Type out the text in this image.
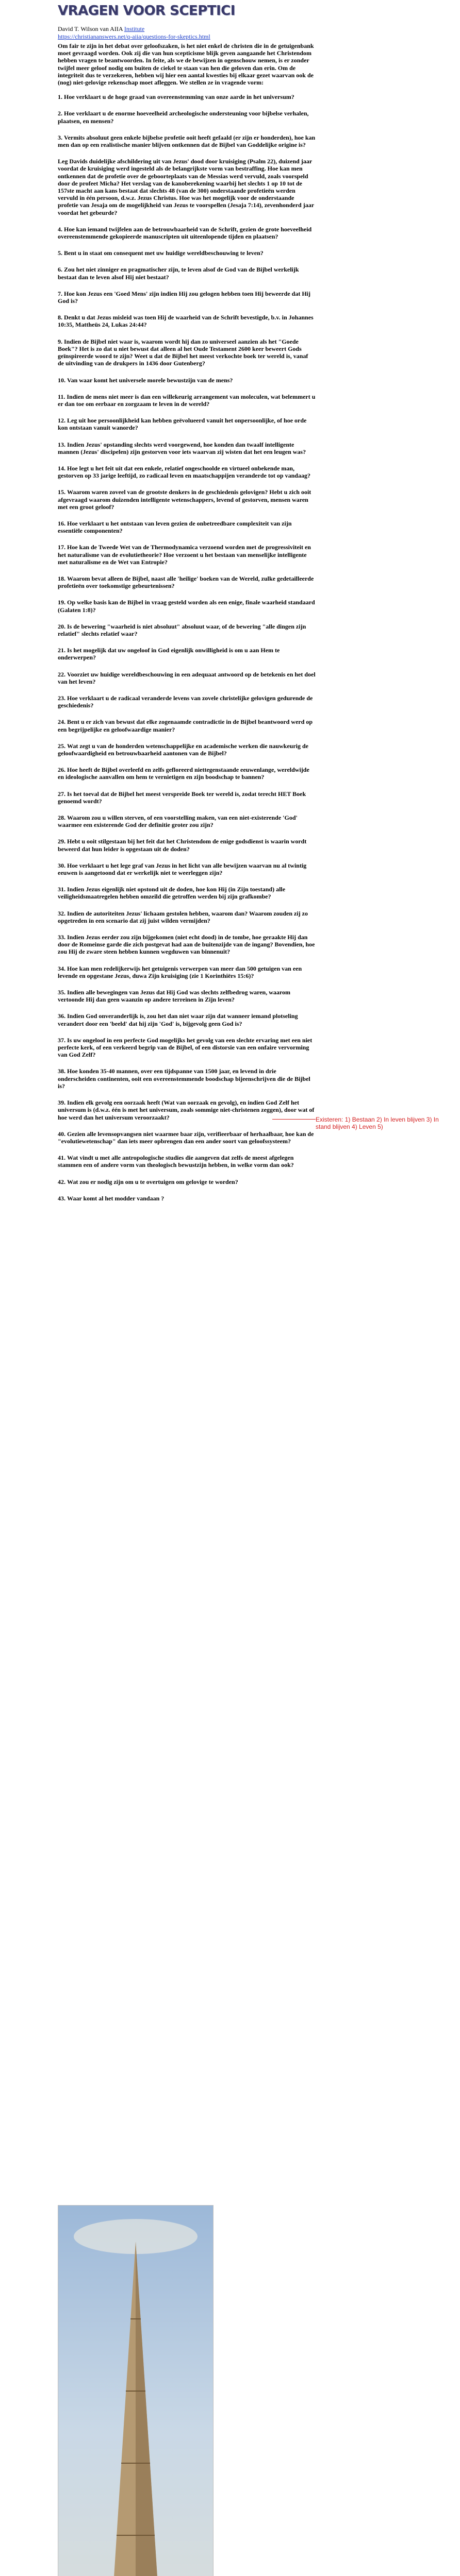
VRAGEN VOOR SCEPTICI
David T. Wilson van AIIA Institute
https://christiananswers.net/q-aiia/questions-for-skeptics.html

Om fair te zijn in het debat over geloofszaken, is het niet enkel de christen die in de getuigenbank moet gevraagd worden. Ook zij die van hun scepticisme blijk geven aangaande het Christendom hebben vragen te beantwoorden. In feite, als we de bewijzen in ogenschouw nemen, is er zonder twijfel meer geloof nodig om buiten de ciekel te staan van hen die geloven dan erin. Om de integriteit dus te verzekeren, hebben wij hier een aantal kwesties bij elkaar gezet waarvan ook de (nog) niet-gelovige rekenschap moet afleggen. We stellen ze in vragende vorm:

1. Hoe verklaart u de hoge graad van overeenstemming van onze aarde in het universum?

2. Hoe verklaart u de enorme hoeveelheid archeologische ondersteuning voor bijbelse verhalen, plaatsen, en mensen?

3. Vermits absoluut geen enkele bijbelse profetie ooit heeft gefaald (er zijn er honderden), hoe kan men dan op een realistische manier blijven ontkennen dat de Bijbel van Goddelijke origine is?

Leg Davids duidelijke afschildering uit van Jezus' dood door kruisiging (Psalm 22), duizend jaar voordat de kruisiging werd ingesteld als de belangrijkste vorm van bestraffing. Hoe kan men ontkennen dat de profetie over de geboorteplaats van de Messias werd vervuld, zoals voorspeld door de profeet Micha? Het verslag van de kanoberekening waarbij het slechts 1 op 10 tot de 157ste macht aan kans bestaat dat slechts 48 (van de 300) onderstaande profetieën werden vervuld in één persoon, d.w.z. Jezus Christus. Hoe was het mogelijk voor de onderstaande profetie van Jesaja om de mogelijkheid van Jezus te voorspellen (Jesaja 7:14), zevenhonderd jaar voordat het gebeurde?

4. Hoe kan iemand twijfelen aan de betrouwbaarheid van de Schrift, gezien de grote hoeveelheid overeenstemmende gekopieerde manuscripten uit uiteenlopende tijden en plaatsen?

5. Bent u in staat om consequent met uw huidige wereldbeschouwing te leven?

6. Zou het niet zinniger en pragmatischer zijn, te leven alsof de God van de Bijbel werkelijk bestaat dan te leven alsof Hij niet bestaat?

7. Hoe kon Jezus een 'Goed Mens' zijn indien Hij zou gelogen hebben toen Hij beweerde dat Hij God is?

8. Denkt u dat Jezus misleid was toen Hij de waarheid van de Schrift bevestigde, b.v. in Johannes 10:35, Mattheüs 24, Lukas 24:44?

9. Indien de Bijbel niet waar is, waarom wordt hij dan zo universeel aanzien als het "Goede Boek"? Het is zo dat u niet bewust dat alleen al het Oude Testament 2600 keer beweert Gods geïnspireerde woord te zijn? Weet u dat de Bijbel het meest verkochte boek ter wereld is, vanaf de uitvinding van de drukpers in 1436 door Gutenberg?

10. Van waar komt het universele morele bewustzijn van de mens?

11. Indien de mens niet meer is dan een willekeurig arrangement van moleculen, wat belemmert u er dan toe om eerbaar en zorgzaam te leven in de wereld?

12. Leg uit hoe persoonlijkheid kan hebben geëvolueerd vanuit het onpersoonlijke, of hoe orde kon ontstaan vanuit wanorde?

13. Indien Jezus' opstanding slechts werd voorgewend, hoe konden dan twaalf intelligente mannen (Jezus' discipelen) zijn gestorven voor iets waarvan zij wisten dat het een leugen was?

14. Hoe legt u het feit uit dat een enkele, relatief ongeschoolde en virtueel onbekende man, gestorven op 33 jarige leeftijd, zo radicaal leven en maatschappijen veranderde tot op vandaag?

15. Waarom waren zoveel van de grootste denkers in de geschiedenis gelovigen? Hebt u zich ooit afgevraagd waarom duizenden intelligente wetenschappers, levend of gestorven, mensen waren met een groot geloof?

16. Hoe verklaart u het ontstaan van leven gezien de onbetreedbare complexiteit van zijn essentiële componenten?

17. Hoe kan de Tweede Wet van de Thermodynamica verzoend worden met de progressiviteit en het naturalisme van de evolutietheorie? Hoe verzoent u het bestaan van menselijke intelligente met naturalisme en de Wet van Entropie?

18. Waarom bevat alleen de Bijbel, naast alle 'heilige' boeken van de Wereld, zulke gedetailleerde profetieën over toekomstige gebeurtenissen?

19. Op welke basis kan de Bijbel in vraag gesteld worden als een enige, finale waarheid standaard (Galaten 1:8)?

20. Is de bewering "waarheid is niet absoluut" absoluut waar, of de bewering "alle dingen zijn relatief" slechts relatief waar?

21. Is het mogelijk dat uw ongeloof in God eigenlijk onwilligheid is om u aan Hem te onderwerpen?

22. Voorziet uw huidige wereldbeschouwing in een adequaat antwoord op de betekenis en het doel van het leven?

23. Hoe verklaart u de radicaal veranderde levens van zovele christelijke gelovigen gedurende de geschiedenis?

24. Bent u er zich van bewust dat elke zogenaamde contradictie in de Bijbel beantwoord werd op een begrijpelijke en geloofwaardige manier?

25. Wat zegt u van de honderden wetenschappelijke en academische werken die nauwkeurig de geloofwaardigheid en betrouwbaarheid aantonen van de Bijbel?

26. Hoe heeft de Bijbel overleefd en zelfs gefloreerd niettegenstaande eeuwenlange, wereldwijde en ideologische aanvallen om hem te vernietigen en zijn boodschap te bannen?

27. Is het toeval dat de Bijbel het meest verspreide Boek ter wereld is, zodat terecht HET Boek genoemd wordt?

28. Waarom zou u willen sterven, of een voorstelling maken, van een niet-existerende 'God' waarmee een existerende God der definitie groter zou zijn?

29. Hebt u ooit stilgestaan bij het feit dat het Christendom de enige godsdienst is waarin wordt beweerd dat hun leider is opgestaan uit de doden?

30. Hoe verklaart u het lege graf van Jezus in het licht van alle bewijzen waarvan nu al twintig eeuwen is aangetoond dat er werkelijk niet te weerleggen zijn?

31. Indien Jezus eigenlijk niet opstond uit de doden, hoe kon Hij (in Zijn toestand) alle veiligheidsmaatregelen hebben omzeild die getroffen werden bij zijn grafkombe?

32. Indien de autoriteiten Jezus' lichaam gestolen hebben, waarom dan? Waarom zouden zij zo opgetreden in een scenario dat zij juist wilden vermijden?

33. Indien Jezus eerder zou zijn bijgekomen (niet echt dood) in de tombe, hoe geraakte Hij dan door de Romeinse garde die zich postgevat had aan de buitenzijde van de ingang? Bovendien, hoe zou Hij de zware steen hebben kunnen wegduwen van binnenuit?

34. Hoe kan men redelijkerwijs het getuigenis verwerpen van meer dan 500 getuigen van een levende en opgestane Jezus, duwa Zijn kruisiging (zie 1 Korinthiërs 15:6)?

35. Indien alle bewegingen van Jezus dat Hij God was slechts zelfbedrog waren, waarom vertoonde Hij dan geen waanzin op andere terreinen in Zijn leven?

36. Indien God onveranderlijk is, zou het dan niet waar zijn dat wanneer iemand plotseling verandert door een 'beeld' dat hij zijn 'God' is, bijgevolg geen God is?

37. Is uw ongeloof in een perfecte God mogelijks het gevolg van een slechte ervaring met een niet perfecte kerk, of een verkeerd begrip van de Bijbel, of een distorsie van een onfaire vervorming van God Zelf?

38. Hoe konden 35-40 mannen, over een tijdspanne van 1500 jaar, en levend in drie onderscheiden continenten, ooit een overeenstemmende boodschap bijeenschrijven die de Bijbel is?

39. Indien elk gevolg een oorzaak heeft (Wat van oorzaak en gevolg), en indien God Zelf het universum is (d.w.z. één is met het universum, zoals sommige niet-christenen zeggen), door wat of hoe werd dan het universum veroorzaakt?

40. Gezien alle levensopvangsen niet waarmee baar zijn, verifieerbaar of herhaalbaar, hoe kan de "evolutiewetenschap" dan iets meer opbrengen dan een ander soort van geloofssysteem?

41. Wat vindt u met alle antropologische studies die aangeven dat zelfs de meest afgelegen stammen een of andere vorm van theologisch bewustzijn hebben, in welke vorm dan ook?

42. Wat zou er nodig zijn om u te overtuigen om gelovige te worden?

43. Waar komt al het modder vandaan ?

Existeren: 1) Bestaan 2) In leven blijven 3) In stand blijven 4) Leven 5)
